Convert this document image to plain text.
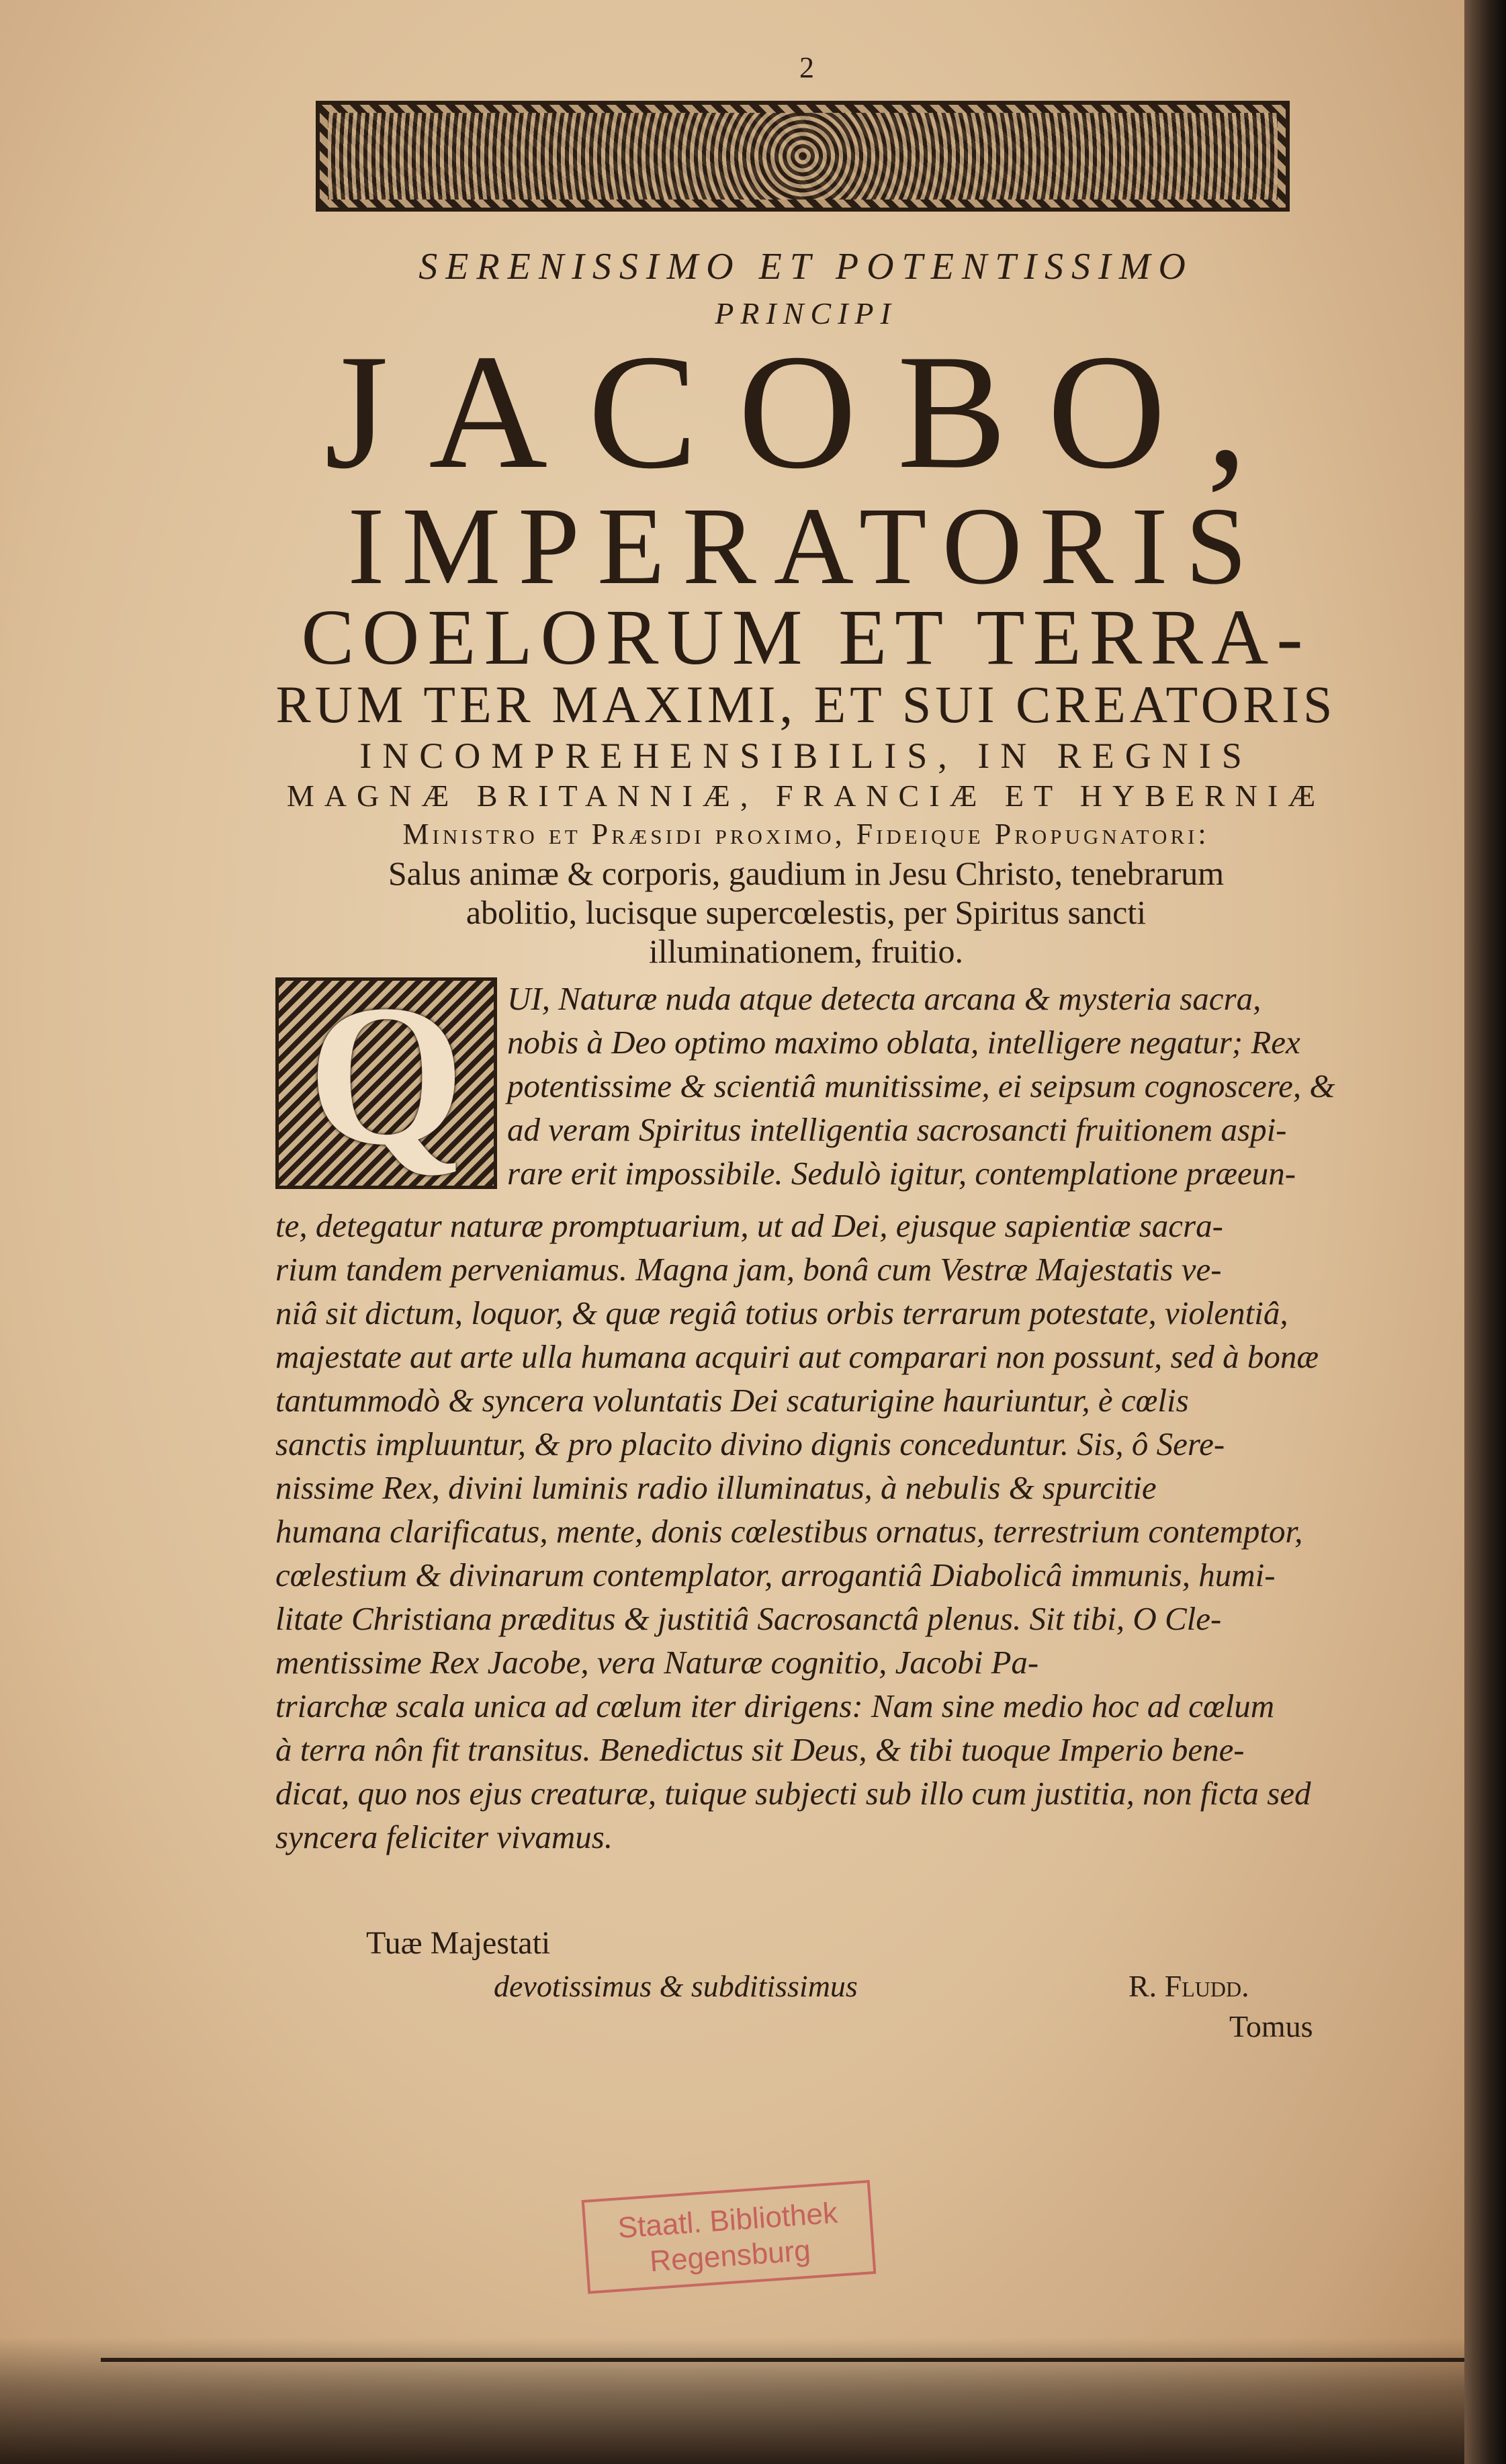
2
SERENISSIMO ET POTENTISSIMO
PRINCIPI
JACOBO,
IMPERATORIS
COELORUM ET TERRA-
RUM TER MAXIMI, ET SUI CREATORIS
INCOMPREHENSIBILIS, IN REGNIS
MAGNÆ BRITANNIÆ, FRANCIÆ ET HYBERNIÆ
Ministro et Præsidi proximo, Fideique Propugnatori:
Salus animæ & corporis, gaudium in Jesu Christo, tenebrarum
abolitio, lucisque supercœlestis, per Spiritus sancti
illuminationem, fruitio.
Q	UI, Naturæ nuda atque detecta arcana & mysteria sacra,
nobis à Deo optimo maximo oblata, intelligere negatur; Rex
potentissime & scientiâ munitissime, ei seipsum cognoscere, &
ad veram Spiritus intelligentia sacrosancti fruitionem aspi-
rare erit impossibile. Sedulò igitur, contemplatione præeun-
te, detegatur naturæ promptuarium, ut ad Dei, ejusque sapientiæ sacra-
rium tandem perveniamus. Magna jam, bonâ cum Vestræ Majestatis ve-
niâ sit dictum, loquor, & quæ regiâ totius orbis terrarum potestate, violentiâ,
majestate aut arte ulla humana acquiri aut comparari non possunt, sed à bonæ
tantummodò & syncera voluntatis Dei scaturigine hauriuntur, è cœlis
sanctis impluuntur, & pro placito divino dignis conceduntur. Sis, ô Sere-
nissime Rex, divini luminis radio illuminatus, à nebulis & spurcitie
humana clarificatus, mente, donis cœlestibus ornatus, terrestrium contemptor,
cœlestium & divinarum contemplator, arrogantiâ Diabolicâ immunis, humi-
litate Christiana præditus & justitiâ Sacrosanctâ plenus. Sit tibi, O Cle-
mentissime Rex Jacobe, vera Naturæ cognitio, Jacobi Pa-
triarchæ scala unica ad cœlum iter dirigens: Nam sine medio hoc ad cœlum
à terra nôn fit transitus. Benedictus sit Deus, & tibi tuoque Imperio bene-
dicat, quo nos ejus creaturæ, tuique subjecti sub illo cum justitia, non ficta sed
syncera feliciter vivamus.
Tuæ Majestati
devotissimus & subditissimus	R. Fludd.
Tomus
Staatl. Bibliothek
Regensburg
